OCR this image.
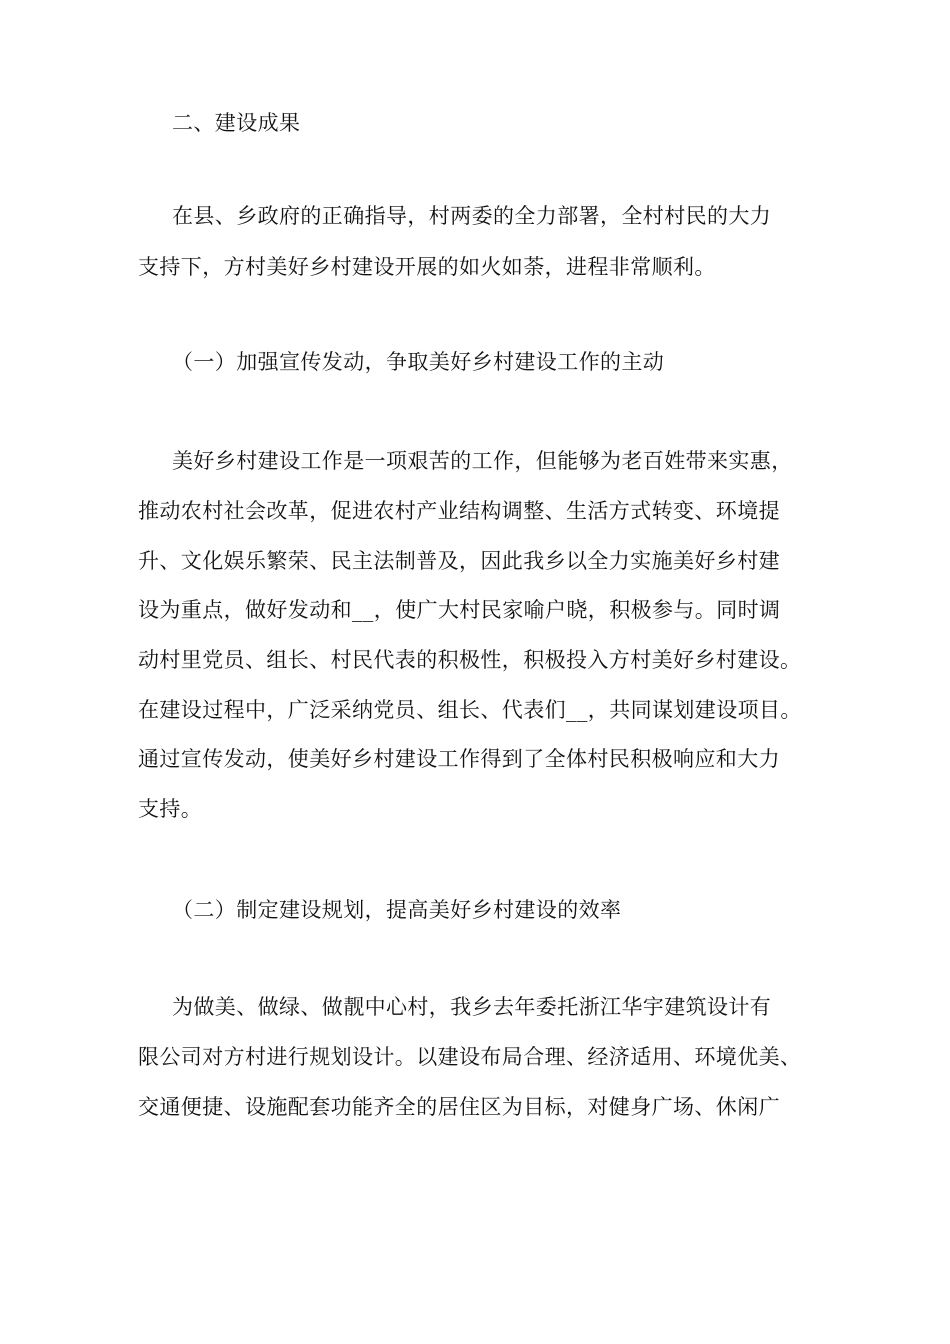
二、建设成果
在县、乡政府的正确指导，村两委的全力部署，全村村民的大力
支持下，方村美好乡村建设开展的如火如荼，进程非常顺利。
（一）加强宣传发动，争取美好乡村建设工作的主动
美好乡村建设工作是一项艰苦的工作，但能够为老百姓带来实惠，
推动农村社会改革，促进农村产业结构调整、生活方式转变、环境提
升、文化娱乐繁荣、民主法制普及，因此我乡以全力实施美好乡村建
设为重点，做好发动和__，使广大村民家喻户晓，积极参与。同时调
动村里党员、组长、村民代表的积极性，积极投入方村美好乡村建设。
在建设过程中，广泛采纳党员、组长、代表们__，共同谋划建设项目。
通过宣传发动，使美好乡村建设工作得到了全体村民积极响应和大力
支持。
（二）制定建设规划，提高美好乡村建设的效率
为做美、做绿、做靓中心村，我乡去年委托浙江华宇建筑设计有
限公司对方村进行规划设计。以建设布局合理、经济适用、环境优美、
交通便捷、设施配套功能齐全的居住区为目标，对健身广场、休闲广
